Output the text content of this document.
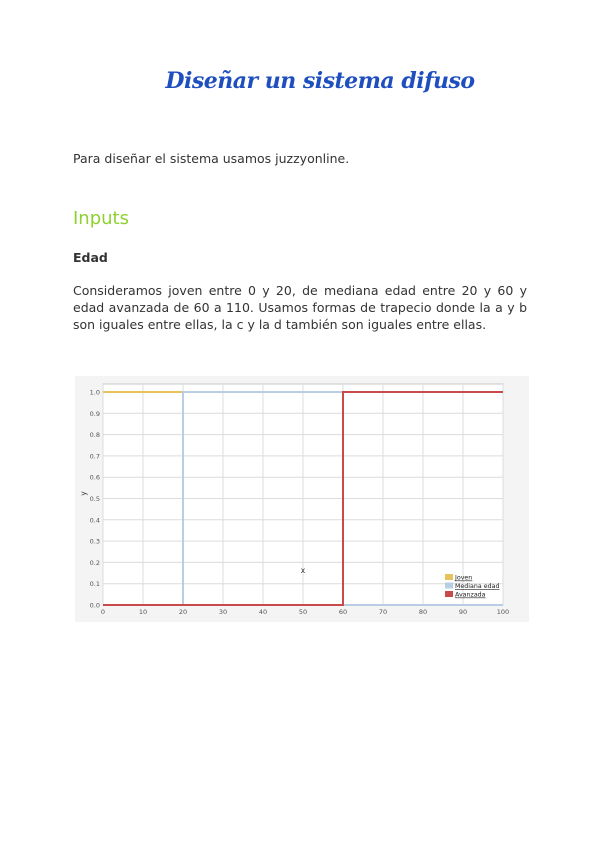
Diseñar un sistema difuso
Para diseñar el sistema usamos juzzyonline.
Inputs
Edad
Consideramos joven entre 0 y 20, de mediana edad entre 20 y 60 y edad avanzada de 60 a 110. Usamos formas de trapecio donde la a y b son iguales entre ellas, la c y la d también son iguales entre ellas.
0	10	20	30	40	50	60	70	80	90	100
0.0
0.1
0.2
0.3
0.4
0.5
0.6
0.7
0.8
0.9
1.0
x
y
Joven
Mediana edad
Avanzada
